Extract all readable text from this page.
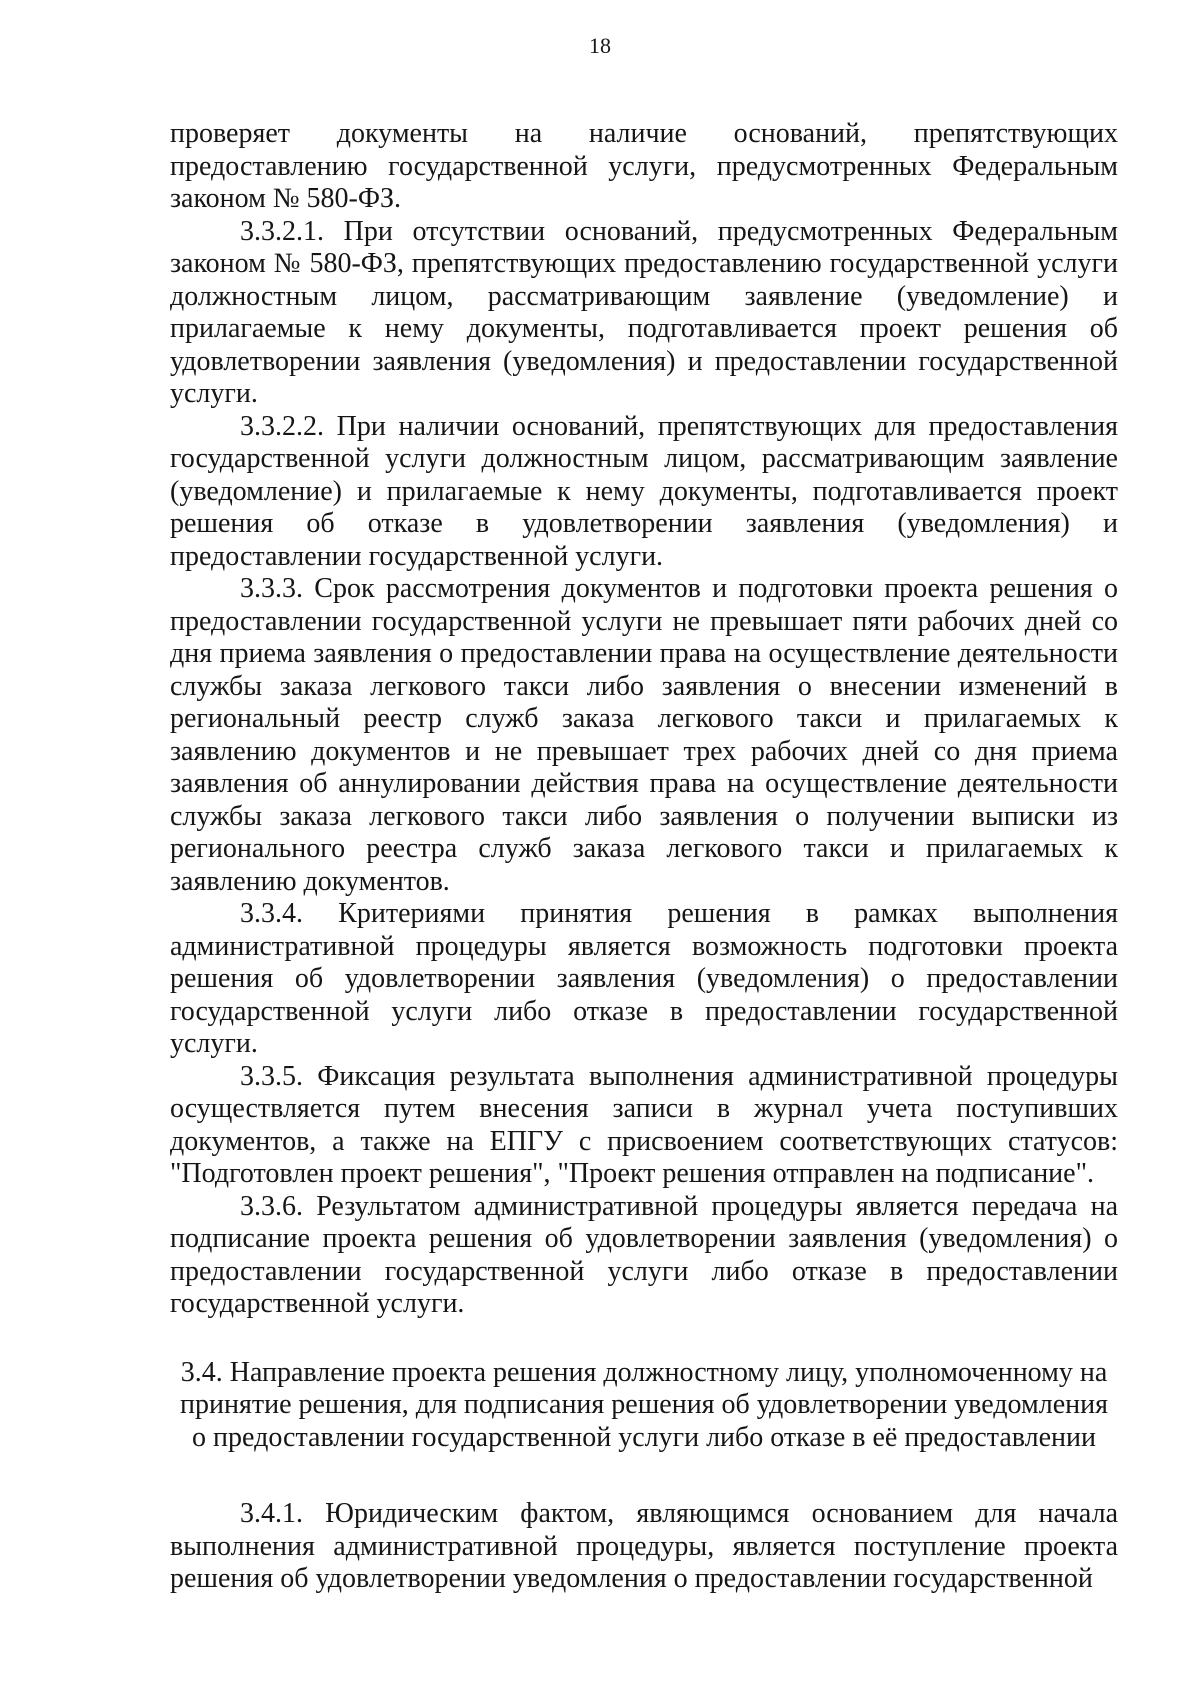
18

проверяет документы на наличие оснований, препятствующих предоставлению государственной услуги, предусмотренных Федеральным законом № 580-ФЗ.

3.3.2.1. При отсутствии оснований, предусмотренных Федеральным законом № 580-ФЗ, препятствующих предоставлению государственной услуги должностным лицом, рассматривающим заявление (уведомление) и прилагаемые к нему документы, подготавливается проект решения об удовлетворении заявления (уведомления) и предоставлении государственной услуги.

3.3.2.2. При наличии оснований, препятствующих для предоставления государственной услуги должностным лицом, рассматривающим заявление (уведомление) и прилагаемые к нему документы, подготавливается проект решения об отказе в удовлетворении заявления (уведомления) и предоставлении государственной услуги.

3.3.3. Срок рассмотрения документов и подготовки проекта решения о предоставлении государственной услуги не превышает пяти рабочих дней со дня приема заявления о предоставлении права на осуществление деятельности службы заказа легкового такси либо заявления о внесении изменений в региональный реестр служб заказа легкового такси и прилагаемых к заявлению документов и не превышает трех рабочих дней со дня приема заявления об аннулировании действия права на осуществление деятельности службы заказа легкового такси либо заявления о получении выписки из регионального реестра служб заказа легкового такси и прилагаемых к заявлению документов.

3.3.4. Критериями принятия решения в рамках выполнения административной процедуры является возможность подготовки проекта решения об удовлетворении заявления (уведомления) о предоставлении государственной услуги либо отказе в предоставлении государственной услуги.

3.3.5. Фиксация результата выполнения административной процедуры осуществляется путем внесения записи в журнал учета поступивших документов, а также на ЕПГУ с присвоением соответствующих статусов: "Подготовлен проект решения", "Проект решения отправлен на подписание".

3.3.6. Результатом административной процедуры является передача на подписание проекта решения об удовлетворении заявления (уведомления) о предоставлении государственной услуги либо отказе в предоставлении государственной услуги.

3.4. Направление проекта решения должностному лицу, уполномоченному на принятие решения, для подписания решения об удовлетворении уведомления о предоставлении государственной услуги либо отказе в её предоставлении

3.4.1. Юридическим фактом, являющимся основанием для начала выполнения административной процедуры, является поступление проекта решения об удовлетворении уведомления о предоставлении государственной
